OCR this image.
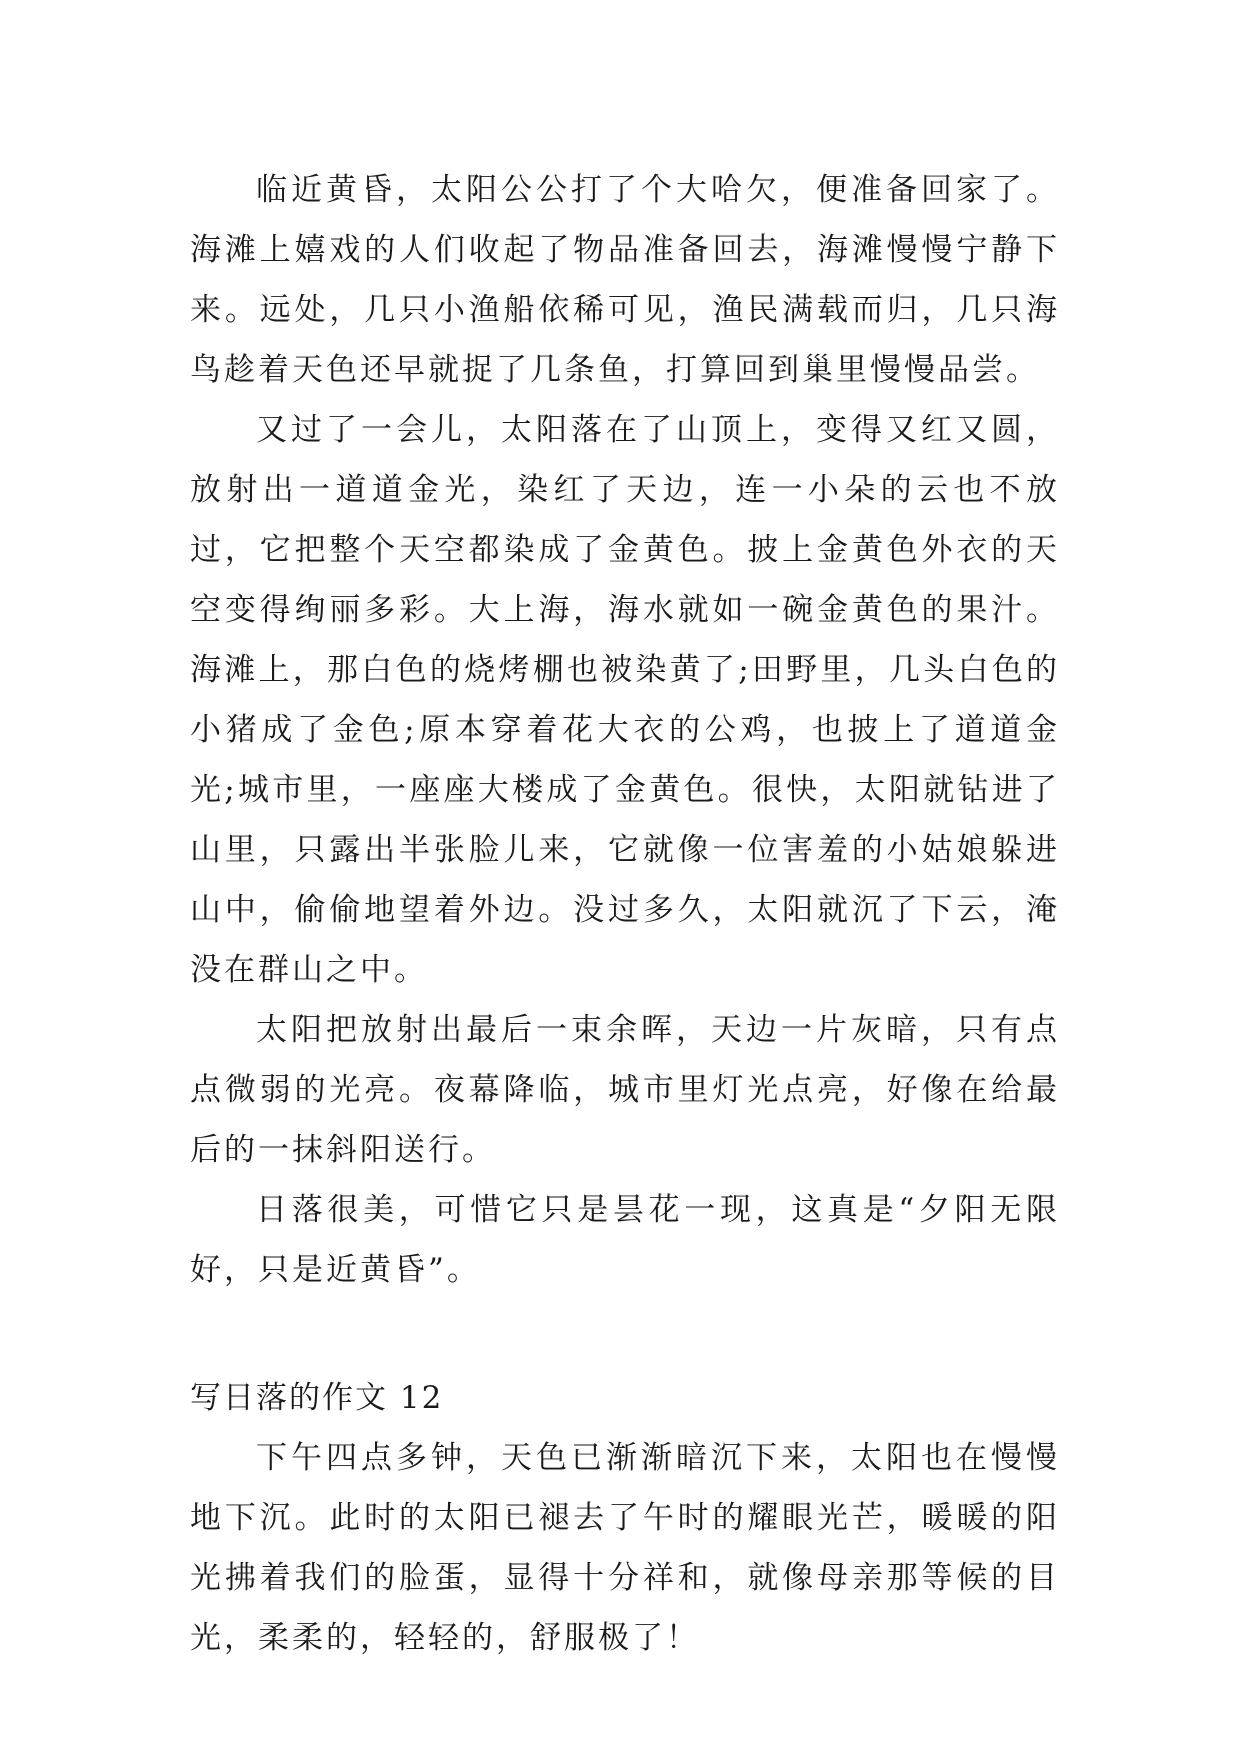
临近黄昏，太阳公公打了个大哈欠，便准备回家了。海滩上嬉戏的人们收起了物品准备回去，海滩慢慢宁静下来。远处，几只小渔船依稀可见，渔民满载而归，几只海鸟趁着天色还早就捉了几条鱼，打算回到巢里慢慢品尝。

又过了一会儿，太阳落在了山顶上，变得又红又圆，放射出一道道金光，染红了天边，连一小朵的云也不放过，它把整个天空都染成了金黄色。披上金黄色外衣的天空变得绚丽多彩。大上海，海水就如一碗金黄色的果汁。海滩上，那白色的烧烤棚也被染黄了;田野里，几头白色的小猪成了金色;原本穿着花大衣的公鸡，也披上了道道金光;城市里，一座座大楼成了金黄色。很快，太阳就钻进了山里，只露出半张脸儿来，它就像一位害羞的小姑娘躲进山中，偷偷地望着外边。没过多久，太阳就沉了下云，淹没在群山之中。

太阳把放射出最后一束余晖，天边一片灰暗，只有点点微弱的光亮。夜幕降临，城市里灯光点亮，好像在给最后的一抹斜阳送行。

日落很美，可惜它只是昙花一现，这真是“夕阳无限好，只是近黄昏”。

写日落的作文 12

下午四点多钟，天色已渐渐暗沉下来，太阳也在慢慢地下沉。此时的太阳已褪去了午时的耀眼光芒，暖暖的阳光拂着我们的脸蛋，显得十分祥和，就像母亲那等候的目光，柔柔的，轻轻的，舒服极了！
